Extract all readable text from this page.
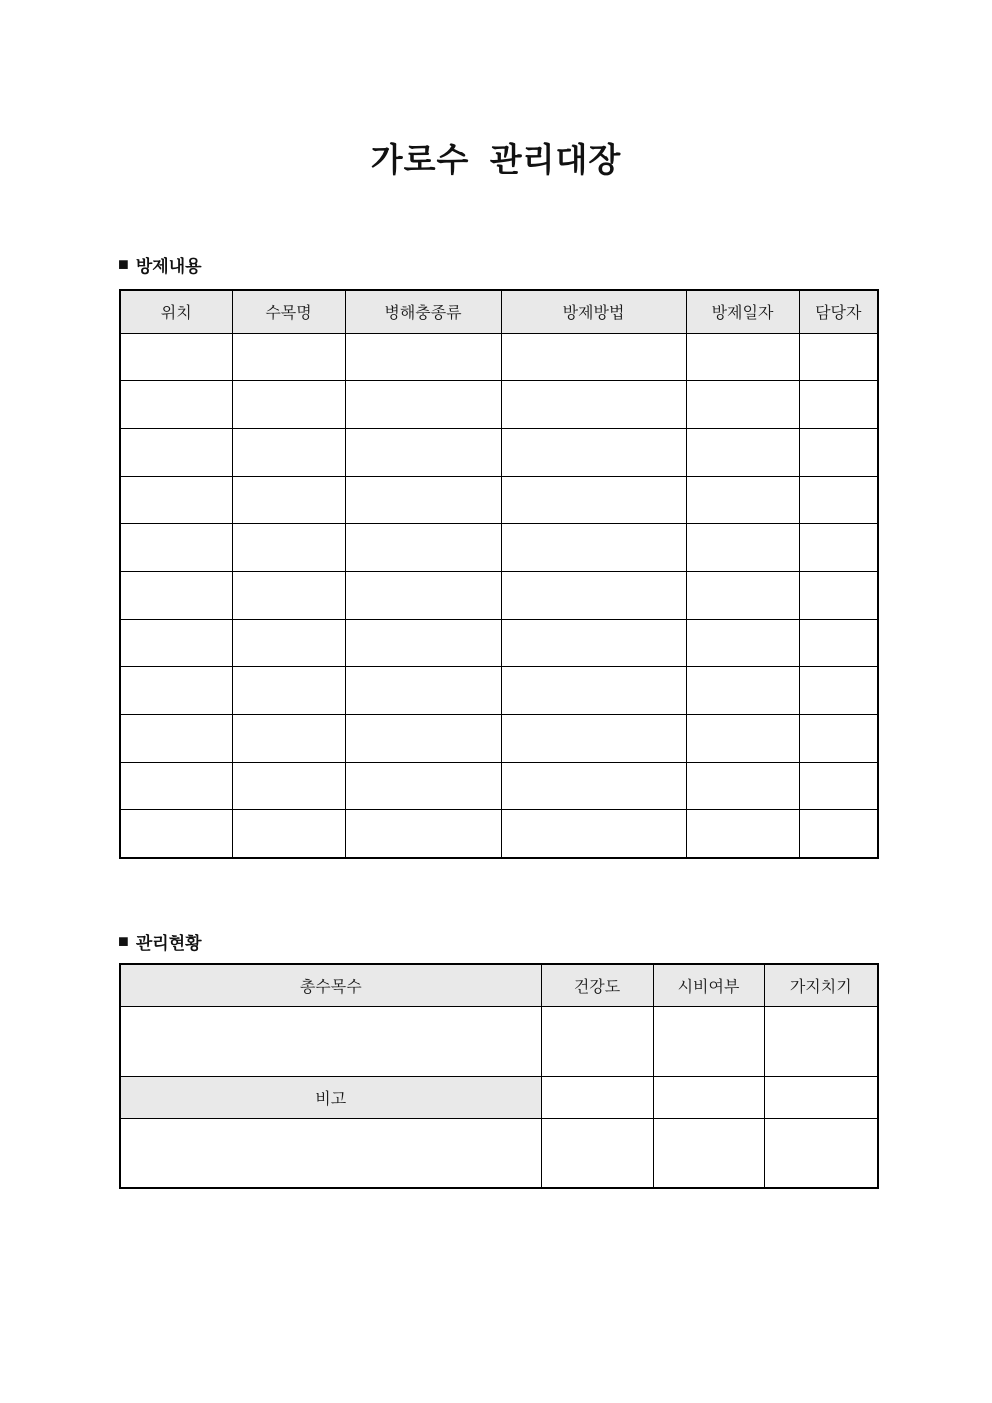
가로수  관리대장
■ 방제내용
위치	수목명	병해충종류	방제방법	방제일자	담당자

■ 관리현황
총수목수	건강도	시비여부	가지치기

비고			
